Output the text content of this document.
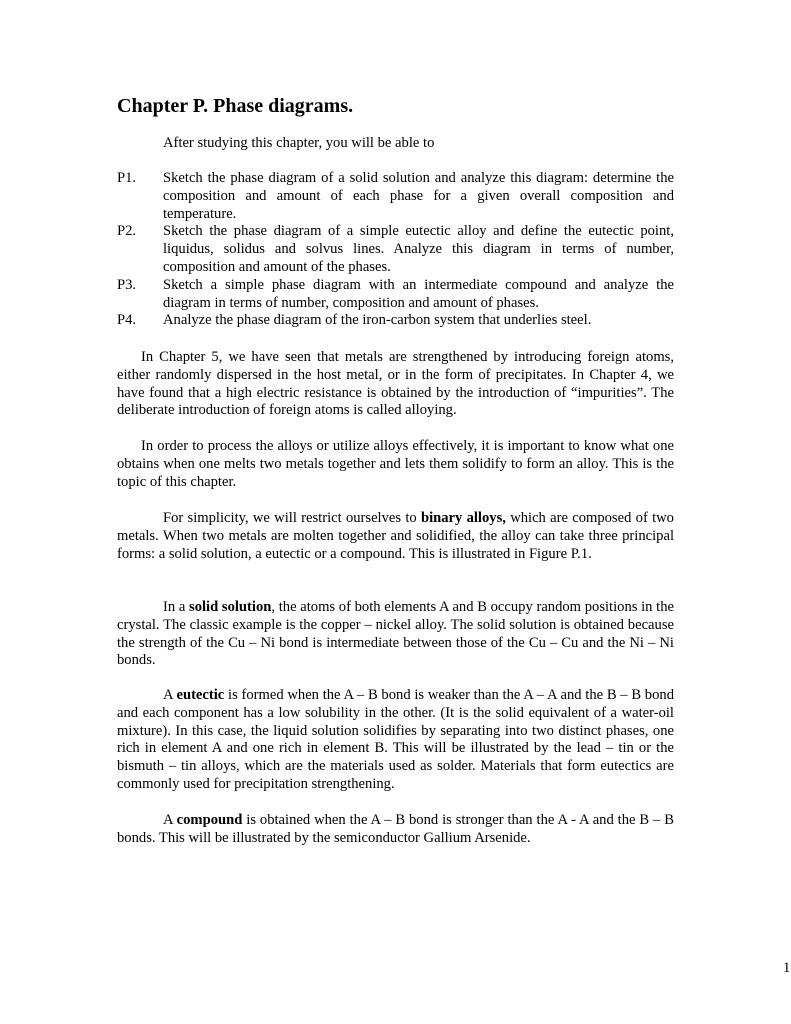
Chapter P. Phase diagrams.
After studying this chapter, you will be able to
P1. Sketch the phase diagram of a solid solution and analyze this diagram: determine the composition and amount of each phase for a given overall composition and temperature.
P2. Sketch the phase diagram of a simple eutectic alloy and define the eutectic point, liquidus, solidus and solvus lines. Analyze this diagram in terms of number, composition and amount of the phases.
P3. Sketch a simple phase diagram with an intermediate compound and analyze the diagram in terms of number, composition and amount of phases.
P4. Analyze the phase diagram of the iron-carbon system that underlies steel.

In Chapter 5, we have seen that metals are strengthened by introducing foreign atoms, either randomly dispersed in the host metal, or in the form of precipitates. In Chapter 4, we have found that a high electric resistance is obtained by the introduction of “impurities”. The deliberate introduction of foreign atoms is called alloying.

In order to process the alloys or utilize alloys effectively, it is important to know what one obtains when one melts two metals together and lets them solidify to form an alloy. This is the topic of this chapter.

For simplicity, we will restrict ourselves to binary alloys, which are composed of two metals. When two metals are molten together and solidified, the alloy can take three principal forms: a solid solution, a eutectic or a compound. This is illustrated in Figure P.1.

In a solid solution, the atoms of both elements A and B occupy random positions in the crystal. The classic example is the copper – nickel alloy. The solid solution is obtained because the strength of the Cu – Ni bond is intermediate between those of the Cu – Cu and the Ni – Ni bonds.

A eutectic is formed when the A – B bond is weaker than the A – A and the B – B bond and each component has a low solubility in the other. (It is the solid equivalent of a water-oil mixture). In this case, the liquid solution solidifies by separating into two distinct phases, one rich in element A and one rich in element B. This will be illustrated by the lead – tin or the bismuth – tin alloys, which are the materials used as solder. Materials that form eutectics are commonly used for precipitation strengthening.

A compound is obtained when the A – B bond is stronger than the A - A and the B – B bonds. This will be illustrated by the semiconductor Gallium Arsenide.

1
